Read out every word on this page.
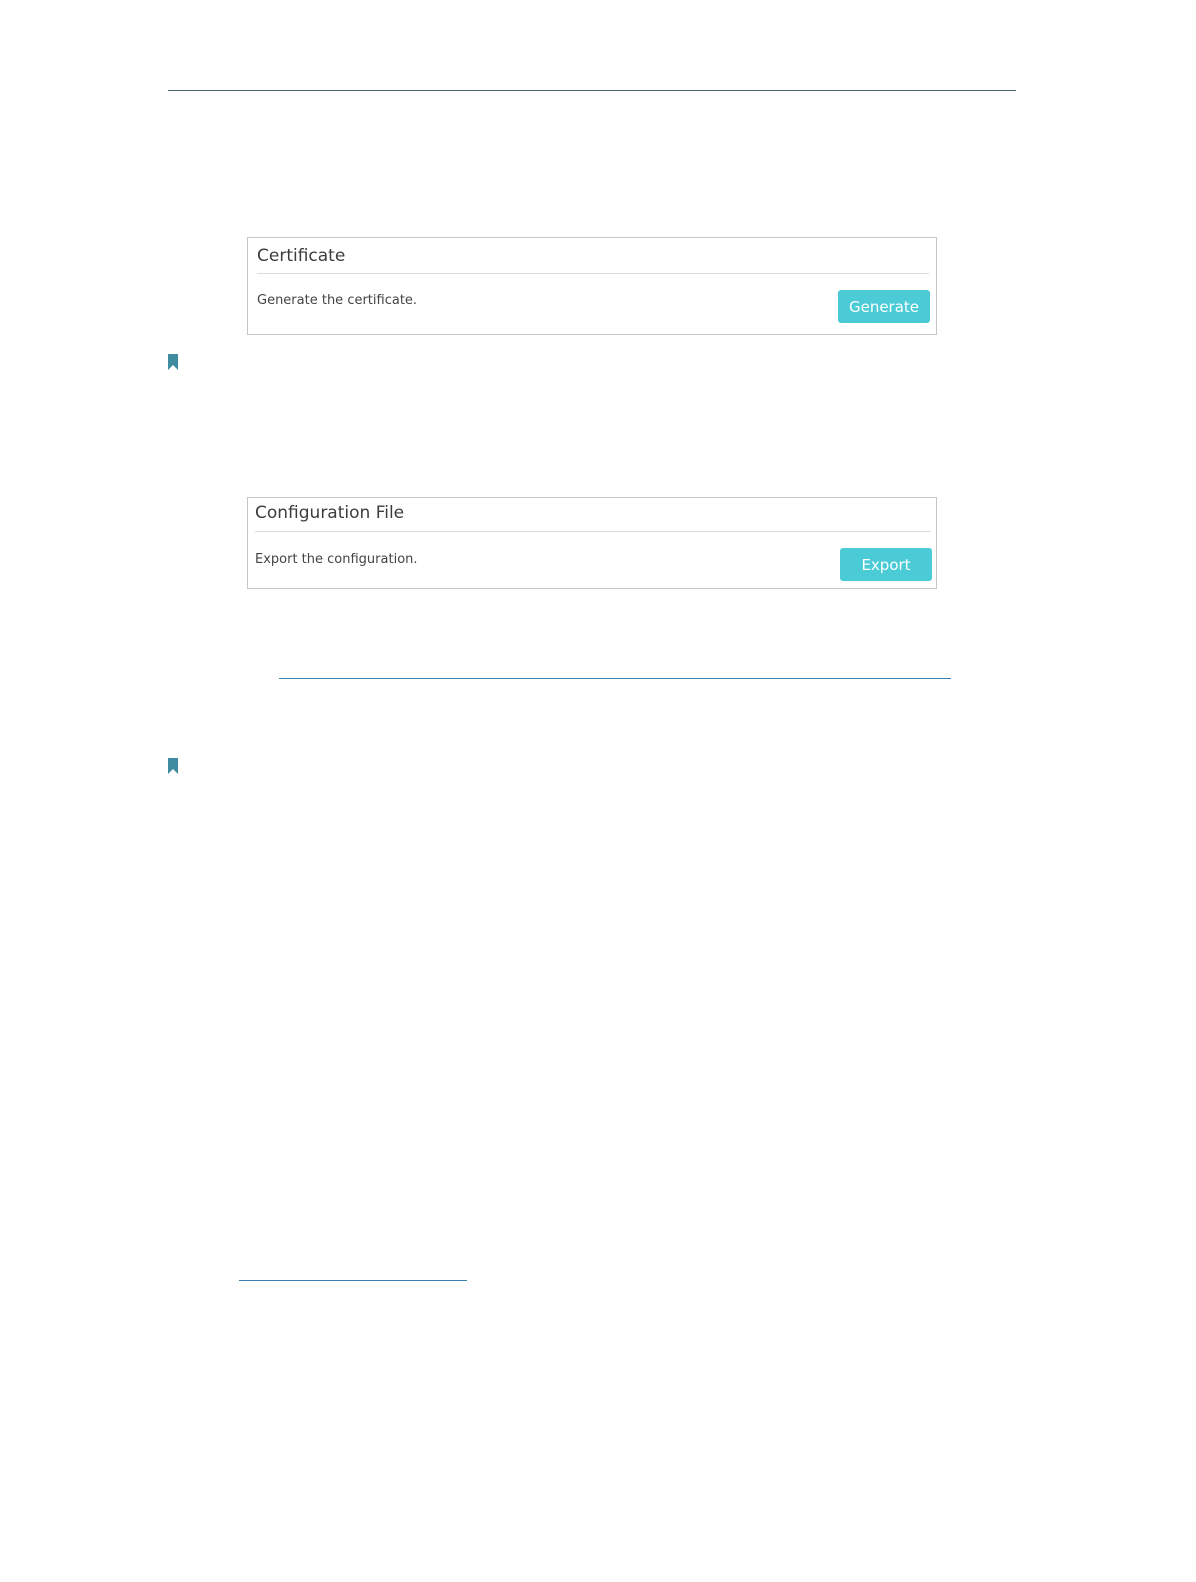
Certificate
Generate the certificate.	Generate
Configuration File
Export the configuration.	Export
